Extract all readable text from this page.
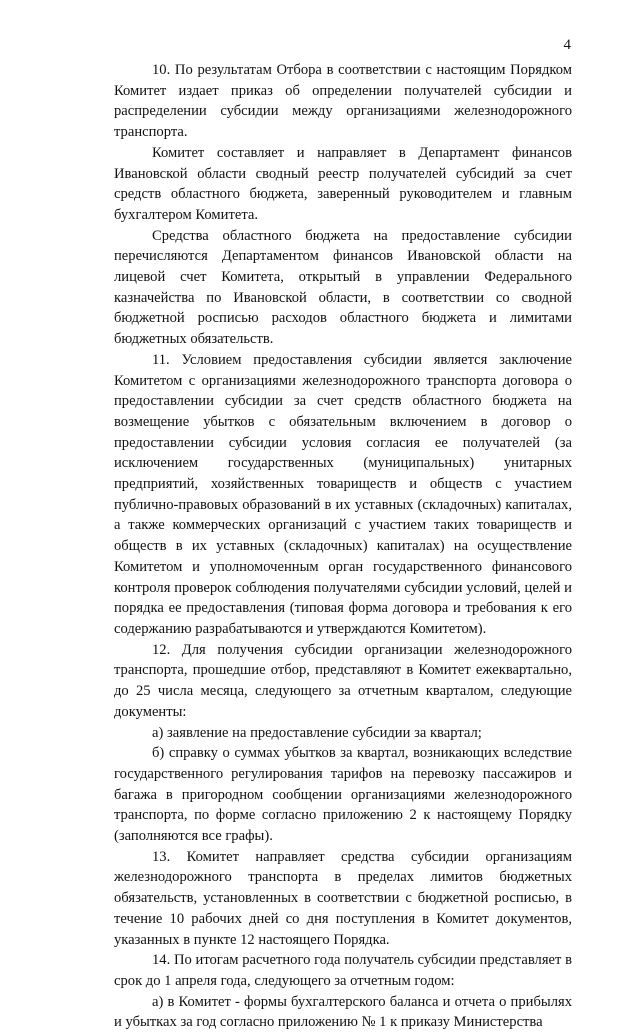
4

10. По результатам Отбора в соответствии с настоящим Порядком Комитет издает приказ об определении получателей субсидии и распределении субсидии между организациями железнодорожного транспорта.

Комитет составляет и направляет в Департамент финансов Ивановской области сводный реестр получателей субсидий за счет средств областного бюджета, заверенный руководителем и главным бухгалтером Комитета.

Средства областного бюджета на предоставление субсидии перечисляются Департаментом финансов Ивановской области на лицевой счет Комитета, открытый в управлении Федерального казначейства по Ивановской области, в соответствии со сводной бюджетной росписью расходов областного бюджета и лимитами бюджетных обязательств.

11. Условием предоставления субсидии является заключение Комитетом с организациями железнодорожного транспорта договора о предоставлении субсидии за счет средств областного бюджета на возмещение убытков с обязательным включением в договор о предоставлении субсидии условия согласия ее получателей (за исключением государственных (муниципальных) унитарных предприятий, хозяйственных товариществ и обществ с участием публично-правовых образований в их уставных (складочных) капиталах, а также коммерческих организаций с участием таких товариществ и обществ в их уставных (складочных) капиталах) на осуществление Комитетом и уполномоченным орган государственного финансового контроля проверок соблюдения получателями субсидии условий, целей и порядка ее предоставления (типовая форма договора и требования к его содержанию разрабатываются и утверждаются Комитетом).

12. Для получения субсидии организации железнодорожного транспорта, прошедшие отбор, представляют в Комитет ежеквартально, до 25 числа месяца, следующего за отчетным кварталом, следующие документы:

а) заявление на предоставление субсидии за квартал;

б) справку о суммах убытков за квартал, возникающих вследствие государственного регулирования тарифов на перевозку пассажиров и багажа в пригородном сообщении организациями железнодорожного транспорта, по форме согласно приложению 2 к настоящему Порядку (заполняются все графы).

13. Комитет направляет средства субсидии организациям железнодорожного транспорта в пределах лимитов бюджетных обязательств, установленных в соответствии с бюджетной росписью, в течение 10 рабочих дней со дня поступления в Комитет документов, указанных в пункте 12 настоящего Порядка.

14. По итогам расчетного года получатель субсидии представляет в срок до 1 апреля года, следующего за отчетным годом:

а) в Комитет - формы бухгалтерского баланса и отчета о прибылях и убытках за год согласно приложению № 1 к приказу Министерства
